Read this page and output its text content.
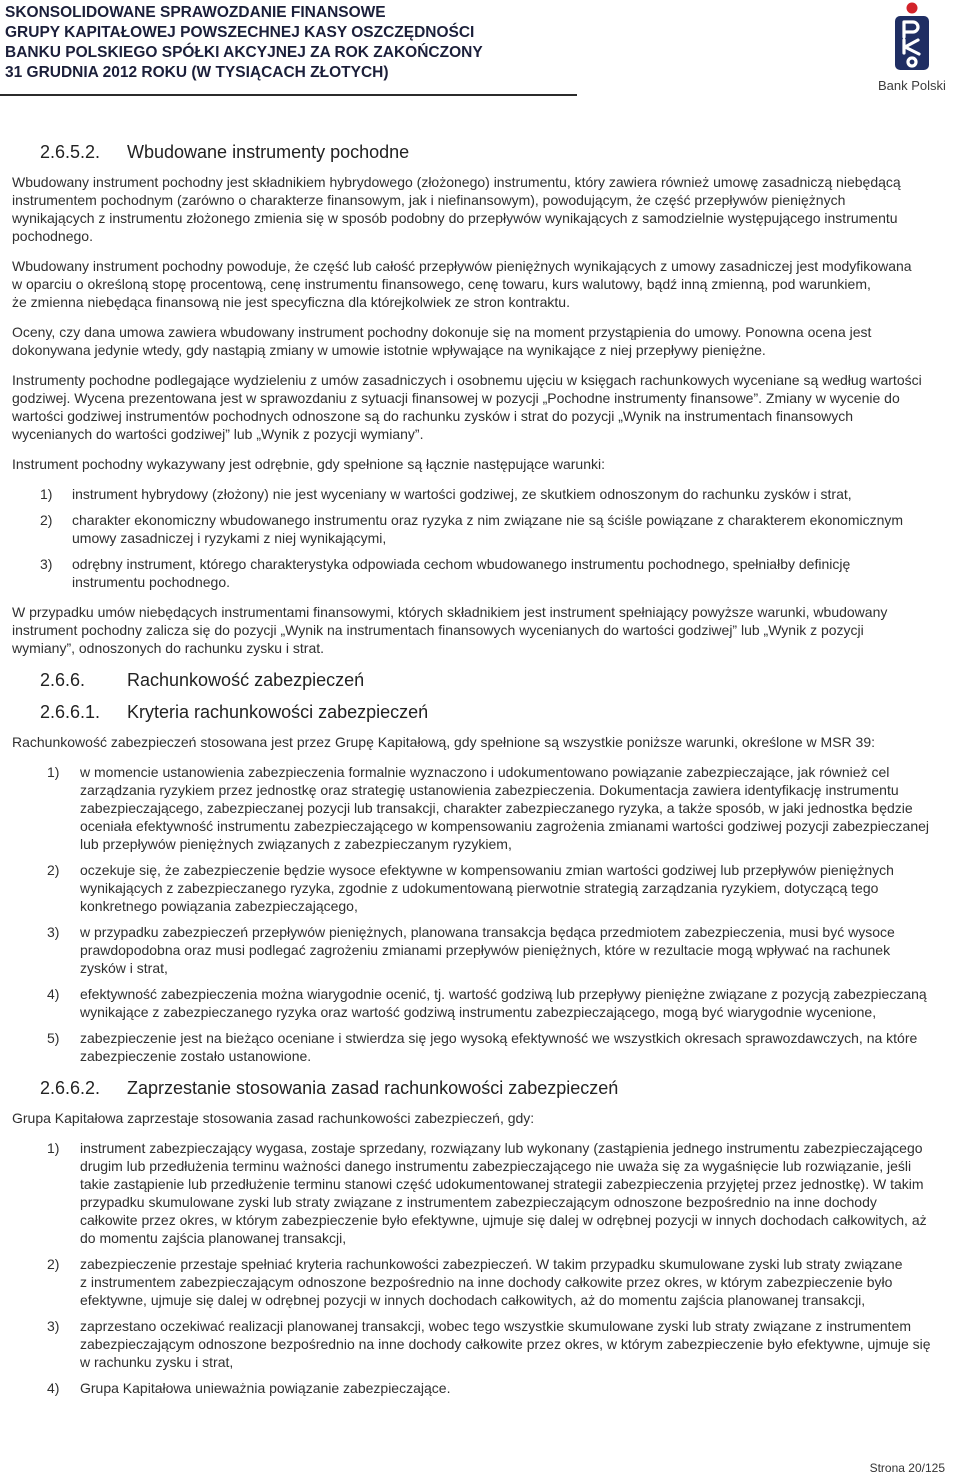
SKONSOLIDOWANE SPRAWOZDANIE FINANSOWE
GRUPY KAPITAŁOWEJ POWSZECHNEJ KASY OSZCZĘDNOŚCI
BANKU POLSKIEGO SPÓŁKI AKCYJNEJ ZA ROK ZAKOŃCZONY
31 GRUDNIA 2012 ROKU (W TYSIĄCACH ZŁOTYCH)
Bank Polski
2.6.5.2. Wbudowane instrumenty pochodne
Wbudowany instrument pochodny jest składnikiem hybrydowego (złożonego) instrumentu, który zawiera również umowę zasadniczą niebędącą
instrumentem pochodnym (zarówno o charakterze finansowym, jak i niefinansowym), powodującym, że część przepływów pieniężnych
wynikających z instrumentu złożonego zmienia się w sposób podobny do przepływów wynikających z samodzielnie występującego instrumentu
pochodnego.
Wbudowany instrument pochodny powoduje, że część lub całość przepływów pieniężnych wynikających z umowy zasadniczej jest modyfikowana
w oparciu o określoną stopę procentową, cenę instrumentu finansowego, cenę towaru, kurs walutowy, bądź inną zmienną, pod warunkiem,
że zmienna niebędąca finansową nie jest specyficzna dla którejkolwiek ze stron kontraktu.
Oceny, czy dana umowa zawiera wbudowany instrument pochodny dokonuje się na moment przystąpienia do umowy. Ponowna ocena jest
dokonywana jedynie wtedy, gdy nastąpią zmiany w umowie istotnie wpływające na wynikające z niej przepływy pieniężne.
Instrumenty pochodne podlegające wydzieleniu z umów zasadniczych i osobnemu ujęciu w księgach rachunkowych wyceniane są według wartości
godziwej. Wycena prezentowana jest w sprawozdaniu z sytuacji finansowej w pozycji „Pochodne instrumenty finansowe”. Zmiany w wycenie do
wartości godziwej instrumentów pochodnych odnoszone są do rachunku zysków i strat do pozycji „Wynik na instrumentach finansowych
wycenianych do wartości godziwej” lub „Wynik z pozycji wymiany”.
Instrument pochodny wykazywany jest odrębnie, gdy spełnione są łącznie następujące warunki:
1) instrument hybrydowy (złożony) nie jest wyceniany w wartości godziwej, ze skutkiem odnoszonym do rachunku zysków i strat,
2) charakter ekonomiczny wbudowanego instrumentu oraz ryzyka z nim związane nie są ściśle powiązane z charakterem ekonomicznym
umowy zasadniczej i ryzykami z niej wynikającymi,
3) odrębny instrument, którego charakterystyka odpowiada cechom wbudowanego instrumentu pochodnego, spełniałby definicję
instrumentu pochodnego.
W przypadku umów niebędących instrumentami finansowymi, których składnikiem jest instrument spełniający powyższe warunki, wbudowany
instrument pochodny zalicza się do pozycji „Wynik na instrumentach finansowych wycenianych do wartości godziwej” lub „Wynik z pozycji
wymiany”, odnoszonych do rachunku zysku i strat.
2.6.6. Rachunkowość zabezpieczeń
2.6.6.1. Kryteria rachunkowości zabezpieczeń
Rachunkowość zabezpieczeń stosowana jest przez Grupę Kapitałową, gdy spełnione są wszystkie poniższe warunki, określone w MSR 39:
1) w momencie ustanowienia zabezpieczenia formalnie wyznaczono i udokumentowano powiązanie zabezpieczające, jak również cel
zarządzania ryzykiem przez jednostkę oraz strategię ustanowienia zabezpieczenia. Dokumentacja zawiera identyfikację instrumentu
zabezpieczającego, zabezpieczanej pozycji lub transakcji, charakter zabezpieczanego ryzyka, a także sposób, w jaki jednostka będzie
oceniała efektywność instrumentu zabezpieczającego w kompensowaniu zagrożenia zmianami wartości godziwej pozycji zabezpieczanej
lub przepływów pieniężnych związanych z zabezpieczanym ryzykiem,
2) oczekuje się, że zabezpieczenie będzie wysoce efektywne w kompensowaniu zmian wartości godziwej lub przepływów pieniężnych
wynikających z zabezpieczanego ryzyka, zgodnie z udokumentowaną pierwotnie strategią zarządzania ryzykiem, dotyczącą tego
konkretnego powiązania zabezpieczającego,
3) w przypadku zabezpieczeń przepływów pieniężnych, planowana transakcja będąca przedmiotem zabezpieczenia, musi być wysoce
prawdopodobna oraz musi podlegać zagrożeniu zmianami przepływów pieniężnych, które w rezultacie mogą wpływać na rachunek
zysków i strat,
4) efektywność zabezpieczenia można wiarygodnie ocenić, tj. wartość godziwą lub przepływy pieniężne związane z pozycją zabezpieczaną
wynikające z zabezpieczanego ryzyka oraz wartość godziwą instrumentu zabezpieczającego, mogą być wiarygodnie wycenione,
5) zabezpieczenie jest na bieżąco oceniane i stwierdza się jego wysoką efektywność we wszystkich okresach sprawozdawczych, na które
zabezpieczenie zostało ustanowione.
2.6.6.2. Zaprzestanie stosowania zasad rachunkowości zabezpieczeń
Grupa Kapitałowa zaprzestaje stosowania zasad rachunkowości zabezpieczeń, gdy:
1) instrument zabezpieczający wygasa, zostaje sprzedany, rozwiązany lub wykonany (zastąpienia jednego instrumentu zabezpieczającego
drugim lub przedłużenia terminu ważności danego instrumentu zabezpieczającego nie uważa się za wygaśnięcie lub rozwiązanie, jeśli
takie zastąpienie lub przedłużenie terminu stanowi część udokumentowanej strategii zabezpieczenia przyjętej przez jednostkę). W takim
przypadku skumulowane zyski lub straty związane z instrumentem zabezpieczającym odnoszone bezpośrednio na inne dochody
całkowite przez okres, w którym zabezpieczenie było efektywne, ujmuje się dalej w odrębnej pozycji w innych dochodach całkowitych, aż
do momentu zajścia planowanej transakcji,
2) zabezpieczenie przestaje spełniać kryteria rachunkowości zabezpieczeń. W takim przypadku skumulowane zyski lub straty związane
z instrumentem zabezpieczającym odnoszone bezpośrednio na inne dochody całkowite przez okres, w którym zabezpieczenie było
efektywne, ujmuje się dalej w odrębnej pozycji w innych dochodach całkowitych, aż do momentu zajścia planowanej transakcji,
3) zaprzestano oczekiwać realizacji planowanej transakcji, wobec tego wszystkie skumulowane zyski lub straty związane z instrumentem
zabezpieczającym odnoszone bezpośrednio na inne dochody całkowite przez okres, w którym zabezpieczenie było efektywne, ujmuje się
w rachunku zysku i strat,
4) Grupa Kapitałowa unieważnia powiązanie zabezpieczające.
Strona 20/125
